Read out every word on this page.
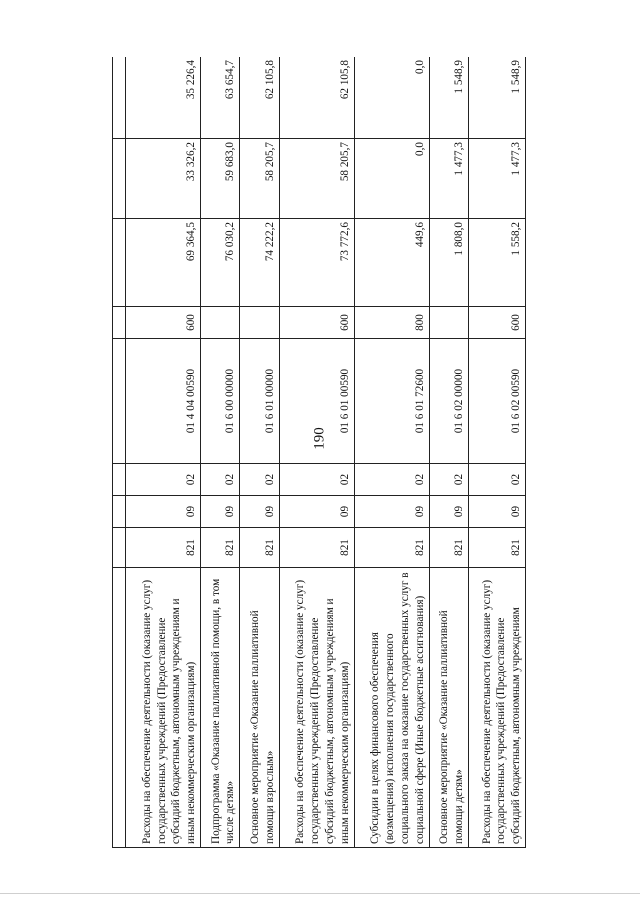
190

Расходы на обеспечение деятельности (оказание услуг) государственных учреждений (Предоставление субсидий бюджетным, автономным учреждениям и иным некоммерческим организациям)	821	09	02	01 4 04 00590	600	69 364,5	33 326,2	35 226,4
Подпрограмма «Оказание паллиативной помощи, в том числе детям»	821	09	02	01 6 00 00000		76 030,2	59 683,0	63 654,7
Основное мероприятие «Оказание паллиативной помощи взрослым»	821	09	02	01 6 01 00000		74 222,2	58 205,7	62 105,8
Расходы на обеспечение деятельности (оказание услуг) государственных учреждений (Предоставление субсидий бюджетным, автономным учреждениям и иным некоммерческим организациям)	821	09	02	01 6 01 00590	600	73 772,6	58 205,7	62 105,8
Субсидии в целях финансового обеспечения (возмещения) исполнения государственного социального заказа на оказание государственных услуг в социальной сфере (Иные бюджетные ассигнования)	821	09	02	01 6 01 72600	800	449,6	0,0	0,0
Основное мероприятие «Оказание паллиативной помощи детям»	821	09	02	01 6 02 00000		1 808,0	1 477,3	1 548,9
Расходы на обеспечение деятельности (оказание услуг) государственных учреждений (Предоставление субсидий бюджетным, автономным учреждениям	821	09	02	01 6 02 00590	600	1 558,2	1 477,3	1 548,9
